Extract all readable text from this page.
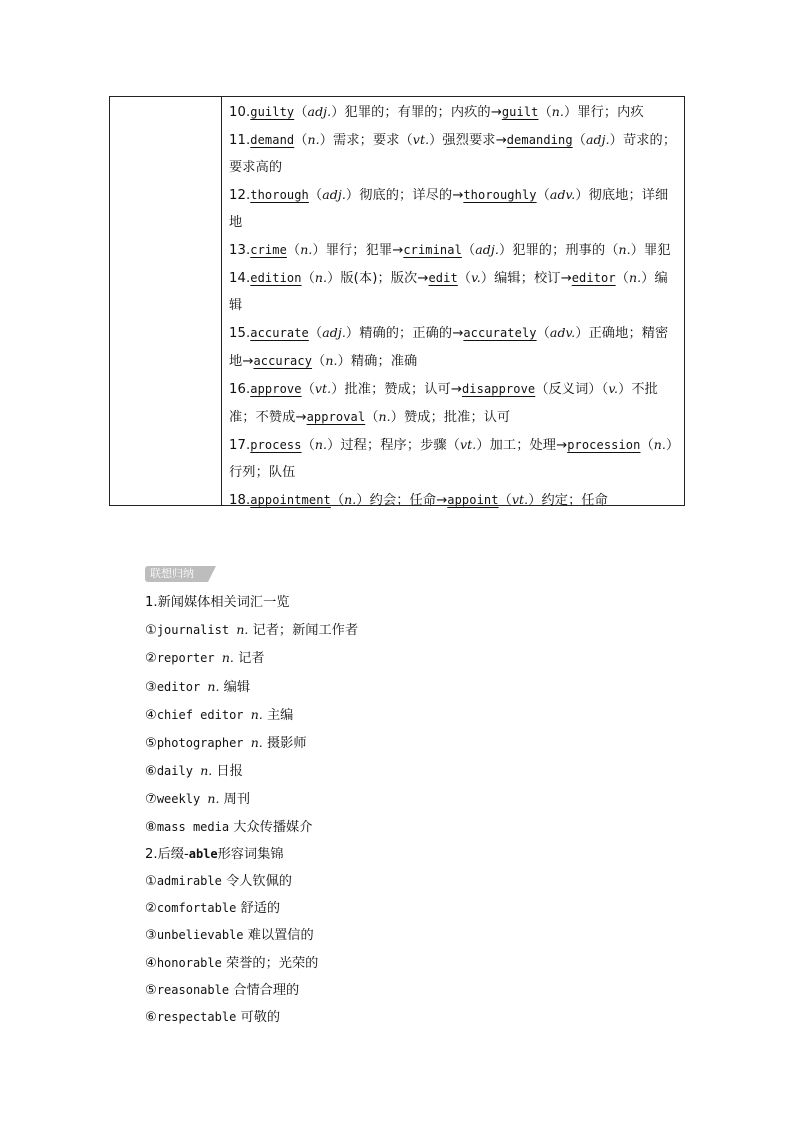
10.guilty（adj.）犯罪的；有罪的；内疚的→guilt（n.）罪行；内疚
11.demand（n.）需求；要求（vt.）强烈要求→demanding（adj.）苛求的；要求高的
12.thorough（adj.）彻底的；详尽的→thoroughly（adv.）彻底地；详细地
13.crime（n.）罪行；犯罪→criminal（adj.）犯罪的；刑事的（n.）罪犯
14.edition（n.）版(本)；版次→edit（v.）编辑；校订→editor（n.）编辑
15.accurate（adj.）精确的；正确的→accurately（adv.）正确地；精密地→accuracy（n.）精确；准确
16.approve（vt.）批准；赞成；认可→disapprove（反义词）（v.）不批准；不赞成→approval（n.）赞成；批准；认可
17.process（n.）过程；程序；步骤（vt.）加工；处理→procession（n.）行列；队伍
18.appointment（n.）约会；任命→appoint（vt.）约定；任命
联想归纳
1.新闻媒体相关词汇一览
①journalist n. 记者；新闻工作者
②reporter n. 记者
③editor n. 编辑
④chief editor n. 主编
⑤photographer n. 摄影师
⑥daily n. 日报
⑦weekly n. 周刊
⑧mass media 大众传播媒介
2.后缀-able形容词集锦
①admirable 令人钦佩的
②comfortable 舒适的
③unbelievable 难以置信的
④honorable 荣誉的；光荣的
⑤reasonable 合情合理的
⑥respectable 可敬的
